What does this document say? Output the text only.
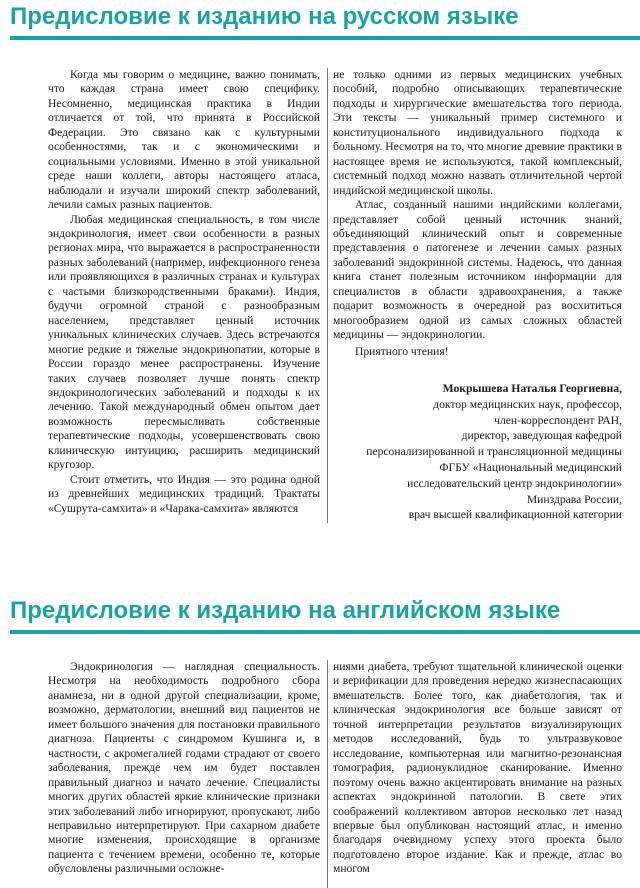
Предисловие к изданию на русском языке

Когда мы говорим о медицине, важно понимать, что каждая страна имеет свою специфику. Несомненно, медицинская практика в Индии отличается от той, что принята в Российской Федерации. Это связано как с культурными особенностями, так и с экономическими и социальными условиями. Именно в этой уникальной среде наши коллеги, авторы настоящего атласа, наблюдали и изучали широкий спектр заболеваний, лечили самых разных пациентов.

Любая медицинская специальность, в том числе эндокринология, имеет свои особенности в разных регионах мира, что выражается в распространенности разных заболеваний (например, инфекционного генеза или проявляющихся в различных странах и культурах с частыми близкородственными браками). Индия, будучи огромной страной с разнообразным населением, представляет ценный источник уникальных клинических случаев. Здесь встречаются многие редкие и тяжелые эндокринопатии, которые в России гораздо менее распространены. Изучение таких случаев позволяет лучше понять спектр эндокринологических заболеваний и подходы к их лечению. Такой международный обмен опытом дает возможность пересмысливать собственные терапевтические подходы, усовершенствовать свою клиническую интуицию, расширить медицинский кругозор.

Стоит отметить, что Индия — это родина одной из древнейших медицинских традиций. Трактаты «Сушрута-самхита» и «Чарака-самхита» являются

не только одними из первых медицинских учебных пособий, подробно описывающих терапевтические подходы и хирургические вмешательства того периода. Эти тексты — уникальный пример системного и конституционального индивидуального подхода к больному. Несмотря на то, что многие древние практики в настоящее время не используются, такой комплексный, системный подход можно назвать отличительной чертой индийской медицинской школы.

Атлас, созданный нашими индийскими коллегами, представляет собой ценный источник знаний, объединяющий клинический опыт и современные представления о патогенезе и лечении самых разных заболеваний эндокринной системы. Надеюсь, что данная книга станет полезным источником информации для специалистов в области здравоохранения, а также подарит возможность в очередной раз восхититься многообразием одной из самых сложных областей медицины — эндокринологии.

Приятного чтения!

Мокрышева Наталья Георгиевна,
доктор медицинских наук, профессор,
член-корреспондент РАН,
директор, заведующая кафедрой
персонализированной и трансляционной медицины
ФГБУ «Национальный медицинский
исследовательский центр эндокринологии»
Минздрава России,
врач высшей квалификационной категории
Предисловие к изданию на английском языке

Эндокринология — наглядная специальность. Несмотря на необходимость подробного сбора анамнеза, ни в одной другой специализации, кроме, возможно, дерматологии, внешний вид пациентов не имеет большого значения для постановки правильного диагноза. Пациенты с синдромом Кушинга и, в частности, с акромегалией годами страдают от своего заболевания, прежде чем им будет поставлен правильный диагноз и начато лечение. Специалисты многих других областей яркие клинические признаки этих заболеваний либо игнорируют, пропускают, либо неправильно интерпретируют. При сахарном диабете многие изменения, происходящие в организме пациента с течением времени, особенно те, которые обусловлены различными осложне-

ниями диабета, требуют тщательной клинической оценки и верификации для проведения нередко жизнеспасающих вмешательств. Более того, как диабетология, так и клиническая эндокринология все больше зависят от точной интерпретации результатов визуализирующих методов исследований, будь то ультразвуковое исследование, компьютерная или магнитно-резонансная томография, радионуклидное сканирование. Именно поэтому очень важно акцентировать внимание на разных аспектах эндокринной патологии. В свете этих соображений коллективом авторов несколько лет назад впервые был опубликован настоящий атлас, и именно благодаря очевидному успеху этого проекта было подготовлено второе издание. Как и прежде, атлас во многом
